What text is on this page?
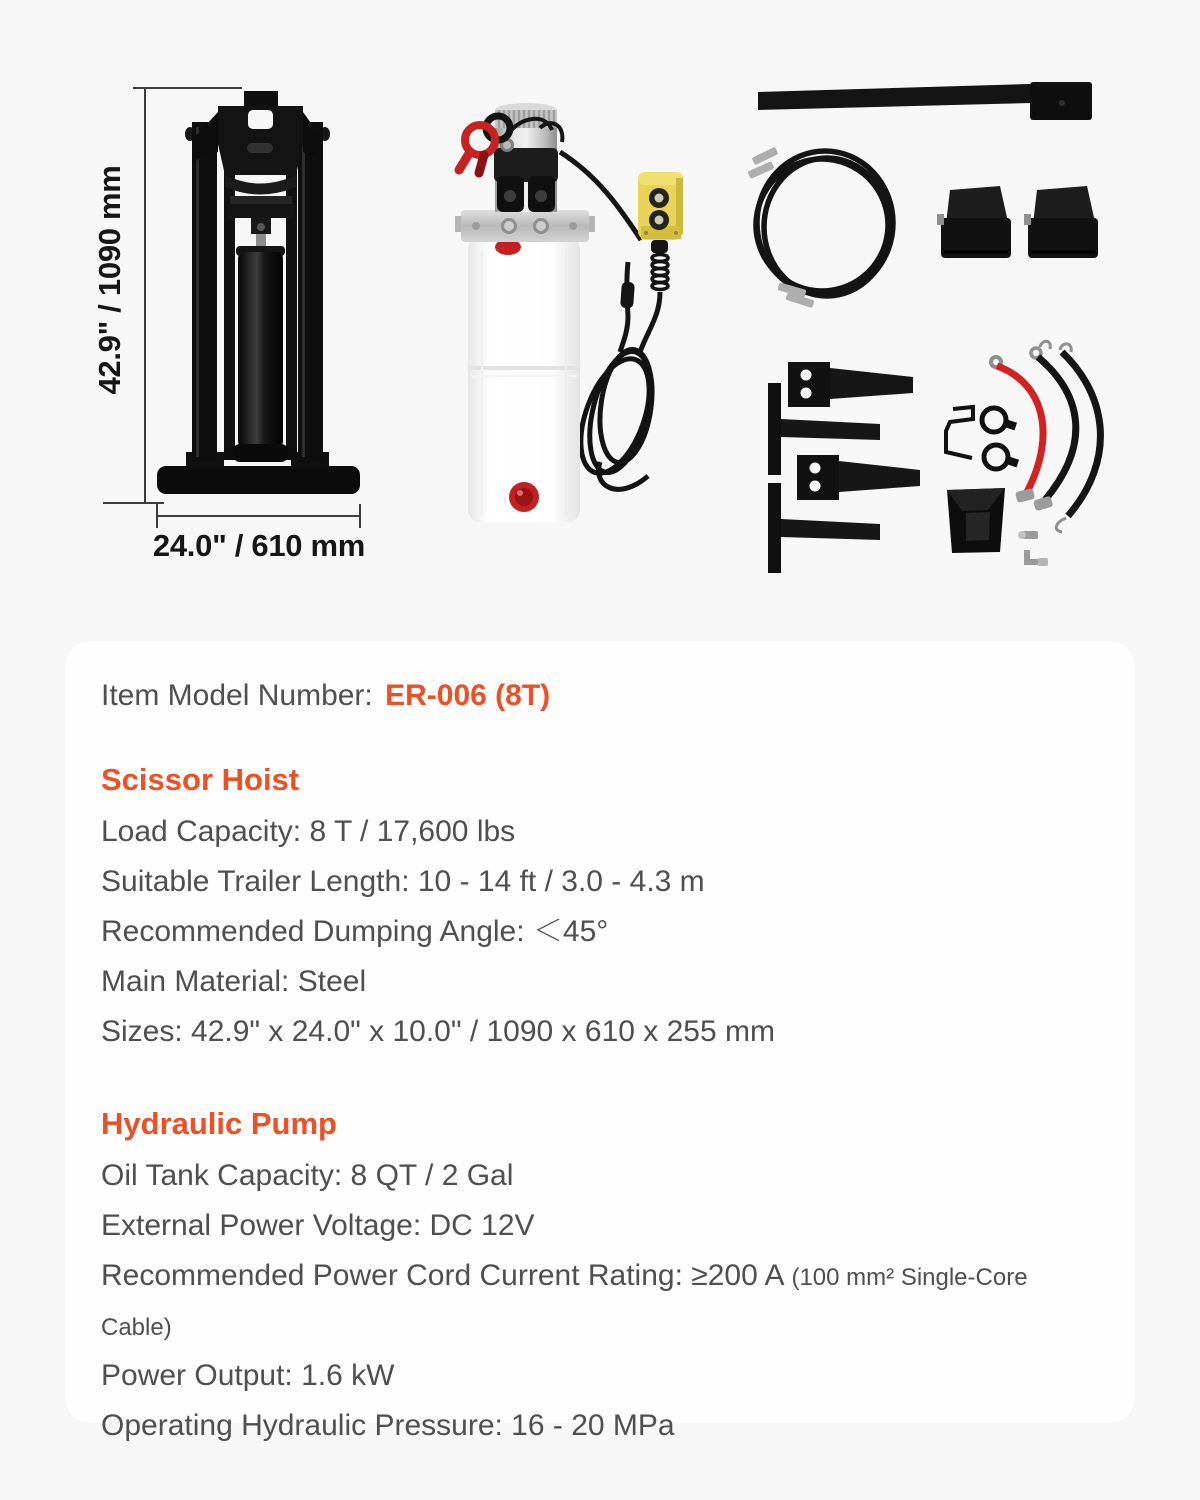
42.9" / 1090 mm
24.0" / 610 mm

Item Model Number: ER-006 (8T)

Scissor Hoist

Load Capacity: 8 T / 17,600 lbs

Suitable Trailer Length: 10 - 14 ft / 3.0 - 4.3 m

Recommended Dumping Angle: ＜45°

Main Material: Steel

Sizes: 42.9" x 24.0" x 10.0" / 1090 x 610 x 255 mm

Hydraulic Pump

Oil Tank Capacity: 8 QT / 2 Gal

External Power Voltage: DC 12V

Recommended Power Cord Current Rating: ≥200 A (100 mm² Single-Core Cable)

Power Output: 1.6 kW

Operating Hydraulic Pressure: 16 - 20 MPa
